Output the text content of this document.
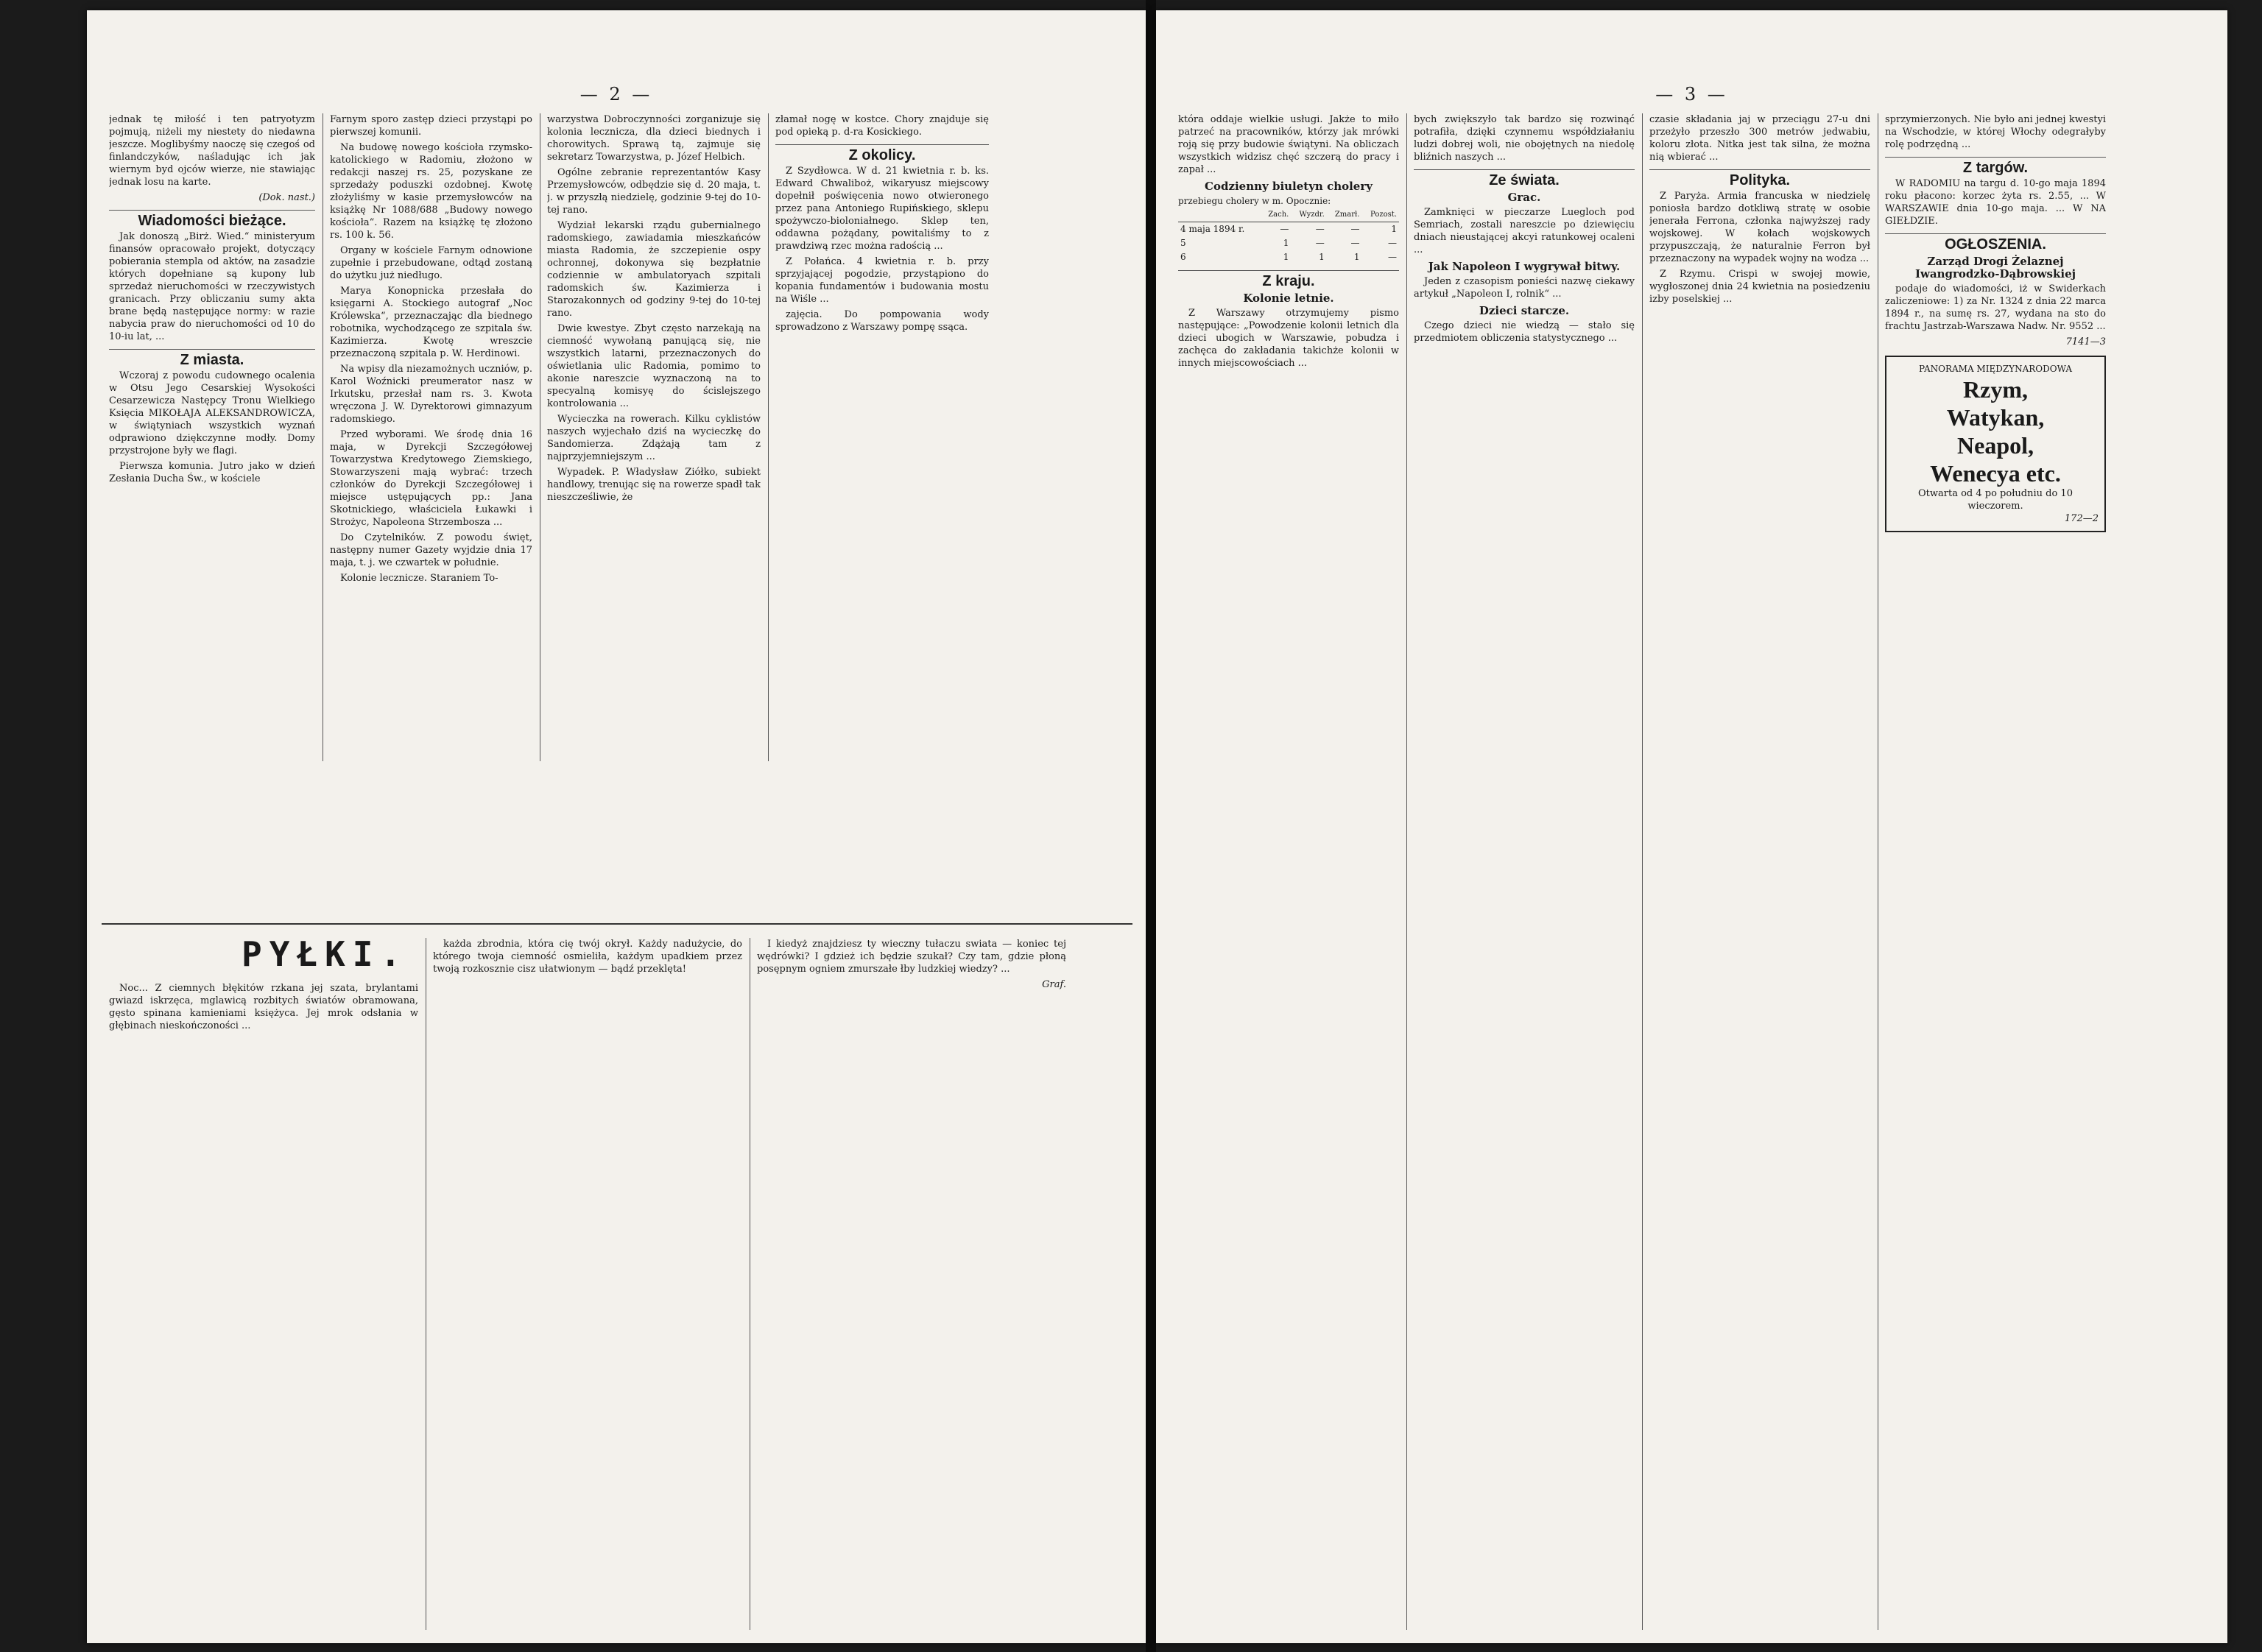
— 2 —

jednak tę miłość i ten patryotyzm pojmują, niżeli my niestety do niedawna jeszcze. Moglibyśmy naoczę się czegoś od finlandczyków, naśladując ich jak wiernym byd ojców wierze, nie stawiając jednak losu na karte.

(Dok. nast.)
Wiadomości bieżące.

Jak donoszą „Birż. Wied.“ ministeryum finansów opracowało projekt, dotyczący pobierania stempla od aktów, na zasadzie których dopełniane są kupony lub sprzedaż nieruchomości w rzeczywistych granicach. Przy obliczaniu sumy akta brane będą następujące normy: w razie nabycia praw do nieruchomości od 10 do 10-iu lat, ...

Z miasta.

Wczoraj z powodu cudownego ocalenia w Otsu Jego Cesarskiej Wysokości Cesarzewicza Następcy Tronu Wielkiego Księcia MIKOŁAJA ALEKSANDROWICZA, w świątyniach wszystkich wyznań odprawiono dziękczynne modły. Domy przystrojone były we flagi.

Pierwsza komunia. Jutro jako w dzień Zesłania Ducha Św., w kościele

Farnym sporo zastęp dzieci przystąpi po pierwszej komunii.

Na budowę nowego kościoła rzymsko-katolickiego w Radomiu, złożono w redakcji naszej rs. 25, pozyskane ze sprzedaży poduszki ozdobnej. Kwotę złożyliśmy w kasie przemysłowców na książkę Nr 1088/688 „Budowy nowego kościoła“. Razem na książkę tę złożono rs. 100 k. 56.

Organy w kościele Farnym odnowione zupełnie i przebudowane, odtąd zostaną do użytku już niedługo.

Marya Konopnicka przesłała do księgarni A. Stockiego autograf „Noc Królewska“, przeznaczając dla biednego robotnika, wychodzącego ze szpitala św. Kazimierza. Kwotę wreszcie przeznaczoną szpitala p. W. Herdinowi.

Na wpisy dla niezamożnych uczniów, p. Karol Woźnicki preumerator nasz w Irkutsku, przesłał nam rs. 3. Kwota wręczona J. W. Dyrektorowi gimnazyum radomskiego.

Przed wyborami. We środę dnia 16 maja, w Dyrekcji Szczegółowej Towarzystwa Kredytowego Ziemskiego, Stowarzyszeni mają wybrać: trzech członków do Dyrekcji Szczegółowej i miejsce ustępujących pp.: Jana Skotnickiego, właściciela Łukawki i Strożyc, Napoleona Strzembosza ...

Do Czytelników. Z powodu święt, następny numer Gazety wyjdzie dnia 17 maja, t. j. we czwartek w południe.

Kolonie lecznicze. Staraniem To-

warzystwa Dobroczynności zorganizuje się kolonia lecznicza, dla dzieci biednych i chorowitych. Sprawą tą, zajmuje się sekretarz Towarzystwa, p. Józef Helbich.

Ogólne zebranie reprezentantów Kasy Przemysłowców, odbędzie się d. 20 maja, t. j. w przyszłą niedzielę, godzinie 9-tej do 10-tej rano.

Wydział lekarski rządu gubernialnego radomskiego, zawiadamia mieszkańców miasta Radomia, że szczepienie ospy ochronnej, dokonywa się bezpłatnie codziennie w ambulatoryach szpitali radomskich św. Kazimierza i Starozakonnych od godziny 9-tej do 10-tej rano.

Dwie kwestye. Zbyt często narzekają na ciemność wywołaną panującą się, nie wszystkich latarni, przeznaczonych do oświetlania ulic Radomia, pomimo to akonie nareszcie wyznaczoną na to specyalną komisyę do ścislejszego kontrolowania ...

Wycieczka na rowerach. Kilku cyklistów naszych wyjechało dziś na wycieczkę do Sandomierza. Zdążają tam z najprzyjemniejszym ...

Wypadek. P. Władysław Ziółko, subiekt handlowy, trenując się na rowerze spadł tak nieszcześliwie, że

złamał nogę w kostce. Chory znajduje się pod opieką p. d-ra Kosickiego.

Z okolicy.

Z Szydłowca. W d. 21 kwietnia r. b. ks. Edward Chwaliboż, wikaryusz miejscowy dopełnił poświęcenia nowo otwieronego przez pana Antoniego Rupińskiego, sklepu spożywczo-bioloniałnego. Sklep ten, oddawna pożądany, powitaliśmy to z prawdziwą rzec można radością ...

Z Połańca. 4 kwietnia r. b. przy sprzyjającej pogodzie, przystąpiono do kopania fundamentów i budowania mostu na Wiśle ...

zajęcia. Do pompowania wody sprowadzono z Warszawy pompę ssąca.

PYŁKI.

Noc... Z ciemnych błękitów rzkana jej szata, brylantami gwiazd iskrzęca, mglawicą rozbitych światów obramowana, gęsto spinana kamieniami księżyca. Jej mrok odsłania w głębinach nieskończoności ...

każda zbrodnia, która cię twój okrył. Każdy nadużycie, do którego twoja ciemność osmieliła, każdym upadkiem przez twoją rozkosznie cisz ułatwionym — bądź przeklęta!

I kiedyż znajdziesz ty wieczny tułaczu swiata — koniec tej wędrówki? I gdzież ich będzie szukał? Czy tam, gdzie płoną posępnym ogniem zmurszałe łby ludzkiej wiedzy? ...

Graf.
— 3 —

która oddaje wielkie usługi. Jakże to miło patrzeć na pracowników, którzy jak mrówki roją się przy budowie świątyni. Na obliczach wszystkich widzisz chęć szczerą do pracy i zapał ...

Codzienny biuletyn cholery
przebiegu cholery w m. Opocznie:
	Zach.	Wyzdr.	Zmarł.	Pozost.
4 maja 1894 r.	—	—	—	1
5	1	—	—	—
6	1	1	1	—
Z kraju.
Kolonie letnie.

Z Warszawy otrzymujemy pismo następujące: „Powodzenie kolonii letnich dla dzieci ubogich w Warszawie, pobudza i zachęca do zakładania takichże kolonii w innych miejscowościach ...

bych zwiększyło tak bardzo się rozwinąć potrafiła, dzięki czynnemu współdziałaniu ludzi dobrej woli, nie obojętnych na niedolę bliźnich naszych ...

Ze świata.
Grac.

Zamknięci w pieczarze Luegloch pod Semriach, zostali nareszcie po dziewięciu dniach nieustającej akcyi ratunkowej ocaleni ...

Jak Napoleon I wygrywał bitwy.

Jeden z czasopism ponieści nazwę ciekawy artykuł „Napoleon I, rolnik“ ...

Dzieci starcze.

Czego dzieci nie wiedzą — stało się przedmiotem obliczenia statystycznego ...

czasie składania jaj w przeciągu 27-u dni przeżyło przeszło 300 metrów jedwabiu, koloru złota. Nitka jest tak silna, że można nią wbierać ...

Polityka.

Z Paryża. Armia francuska w niedzielę poniosła bardzo dotkliwą stratę w osobie jenerała Ferrona, członka najwyższej rady wojskowej. W kołach wojskowych przypuszczają, że naturalnie Ferron był przeznaczony na wypadek wojny na wodza ...

Z Rzymu. Crispi w swojej mowie, wygłoszonej dnia 24 kwietnia na posiedzeniu izby poselskiej ...

sprzymierzonych. Nie było ani jednej kwestyi na Wschodzie, w której Włochy odegrałyby rolę podrzędną ...

Z targów.

W RADOMIU na targu d. 10-go maja 1894 roku płacono: korzec żyta rs. 2.55, ... W WARSZAWIE dnia 10-go maja. ... W NA GIEŁDZIE.

OGŁOSZENIA.
Zarząd Drogi Żelaznej Iwangrodzko-Dąbrowskiej

podaje do wiadomości, iż w Swiderkach zaliczeniowe: 1) za Nr. 1324 z dnia 22 marca 1894 r., na sumę rs. 27, wydana na sto do frachtu Jastrzab-Warszawa Nadw. Nr. 9552 ...

7141—3
PANORAMA MIĘDZYNARODOWA
Rzym,
Watykan,
Neapol,
Wenecya etc.
Otwarta od 4 po południu do 10 wieczorem.
172—2
